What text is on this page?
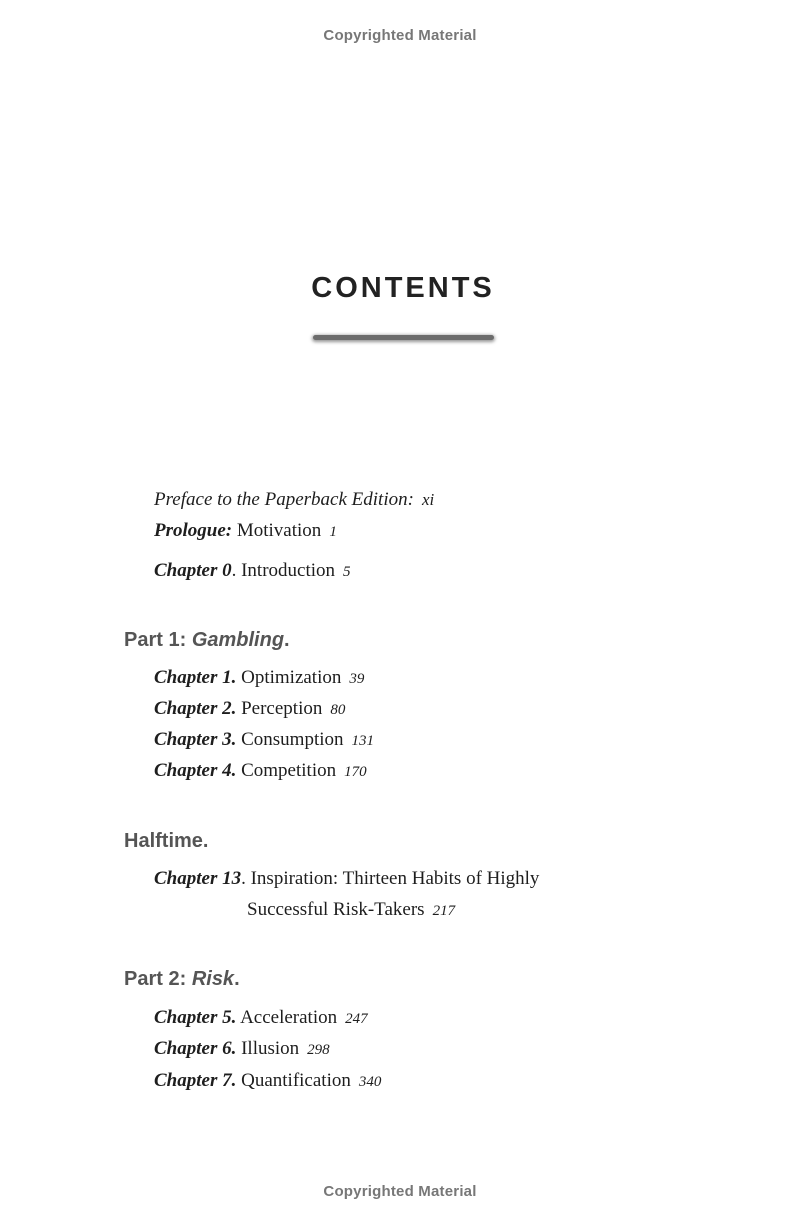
Copyrighted Material
CONTENTS
Preface to the Paperback Edition: xi
Prologue: Motivation 1
Chapter 0. Introduction 5
Part 1: Gambling.
Chapter 1. Optimization 39
Chapter 2. Perception 80
Chapter 3. Consumption 131
Chapter 4. Competition 170
Halftime.
Chapter 13. Inspiration: Thirteen Habits of Highly
Successful Risk-Takers 217
Part 2: Risk.
Chapter 5. Acceleration 247
Chapter 6. Illusion 298
Chapter 7. Quantification 340
Copyrighted Material
